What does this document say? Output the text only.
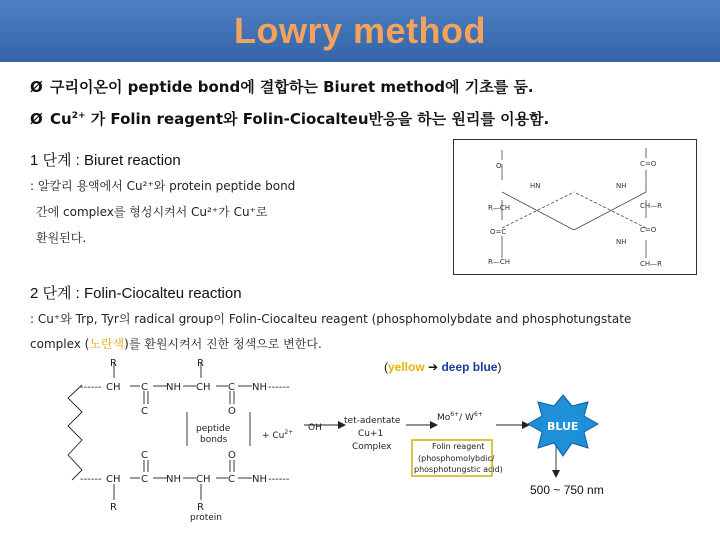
Lowry method
Ø 구리이온이 peptide bond에 결합하는 Biuret method에 기초를 둠.
Ø $Cu^{2+}$ 가 Folin reagent와 Folin-Ciocalteu반응을 하는 원리를 이용함.
1 단계 : Biuret reaction
: 알칼리 용액에서 Cu²⁺와 protein peptide bond
간에 complex를 형성시켜서 Cu²⁺가 Cu⁺로
환원된다.
O	C=O
HN	NH
R—CH	CH—R
O=C	C=O
NH
R—CH	CH—R
2 단계 : Folin-Ciocalteu reaction
: Cu⁺와 Trp, Tyr의 radical group이 Folin-Ciocalteu reagent (phosphomolybdate and phosphotungstate
complex (노란색)를 환원시켜서 진한 청색으로 변한다.
(yellow ➔ deep blue)
R	R
------ CH C NH CH C NH ------
C	O
C	O
------ CH C NH CH C NH ------
R	R
peptide
bonds	+ $Cu^{2+}$ OH⁻
tet-adentate
Cu+1
Complex
$Mo^{6+}/$ $W^{6+}$
protein
Folin reagent
(phosphomolybdic/
phosphotungstic acid)
BLUE
500 ~ 750 nm
